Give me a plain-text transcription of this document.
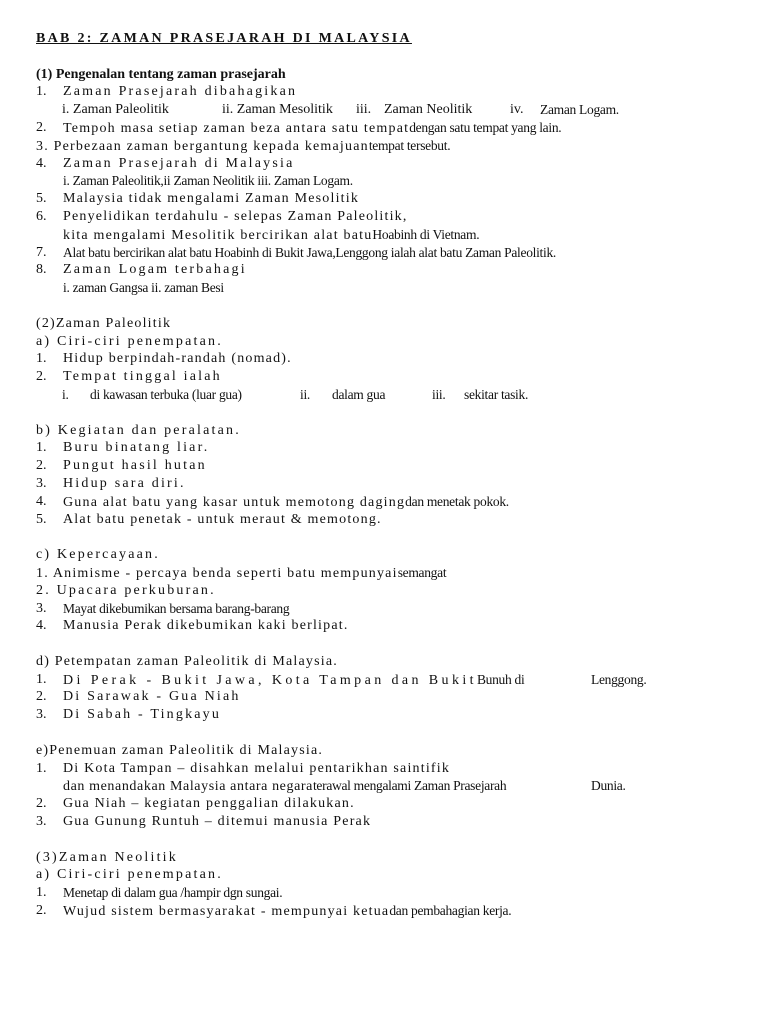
BAB 2: ZAMAN PRASEJARAH DI MALAYSIA
(1) Pengenalan tentang zaman prasejarah
1. Zaman Prasejarah dibahagikan
i. Zaman Paleolitik	ii. Zaman Mesolitik iii. Zaman Neolitik	iv. Zaman Logam.
2. Tempoh masa setiap zaman beza antara satu tempatdengan satu tempat yang lain.
3. Perbezaan zaman bergantung kepada kemajuantempat tersebut.
4. Zaman Prasejarah di Malaysia
i. Zaman Paleolitik,ii Zaman Neolitik iii. Zaman Logam.
5. Malaysia tidak mengalami Zaman Mesolitik
6. Penyelidikan terdahulu - selepas Zaman Paleolitik,
kita mengalami Mesolitik bercirikan alat batuHoabinh di Vietnam.
7. Alat batu bercirikan alat batu Hoabinh di Bukit Jawa,Lenggong ialah alat batu Zaman Paleolitik.
8. Zaman Logam terbahagi
i. zaman Gangsa ii. zaman Besi
(2)Zaman Paleolitik
a) Ciri-ciri penempatan.
1. Hidup berpindah-randah (nomad).
2. Tempat tinggal ialah
i. di kawasan terbuka (luar gua)	ii. dalam gua	iii. sekitar tasik.
b) Kegiatan dan peralatan.
1. Buru binatang liar.
2. Pungut hasil hutan
3. Hidup sara diri.
4. Guna alat batu yang kasar untuk memotong dagingdan menetak pokok.
5. Alat batu penetak - untuk meraut & memotong.
c) Kepercayaan.
1. Animisme - percaya benda seperti batu mempunyaisemangat
2. Upacara perkuburan.
3. Mayat dikebumikan bersama barang-barang
4. Manusia Perak dikebumikan kaki berlipat.
d) Petempatan zaman Paleolitik di Malaysia.
1. Di Perak - Bukit Jawa, Kota Tampan dan BukitBunuh di	Lenggong.
2. Di Sarawak - Gua Niah
3. Di Sabah - Tingkayu
e)Penemuan zaman Paleolitik di Malaysia.
1. Di Kota Tampan – disahkan melalui pentarikhan saintifik
dan menandakan Malaysia antara negaraterawal mengalami Zaman Prasejarah	Dunia.
2. Gua Niah – kegiatan penggalian dilakukan.
3. Gua Gunung Runtuh – ditemui manusia Perak
(3)Zaman Neolitik
a) Ciri-ciri penempatan.
1. Menetap di dalam gua /hampir dgn sungai.
2. Wujud sistem bermasyarakat - mempunyai ketuadan pembahagian kerja.
